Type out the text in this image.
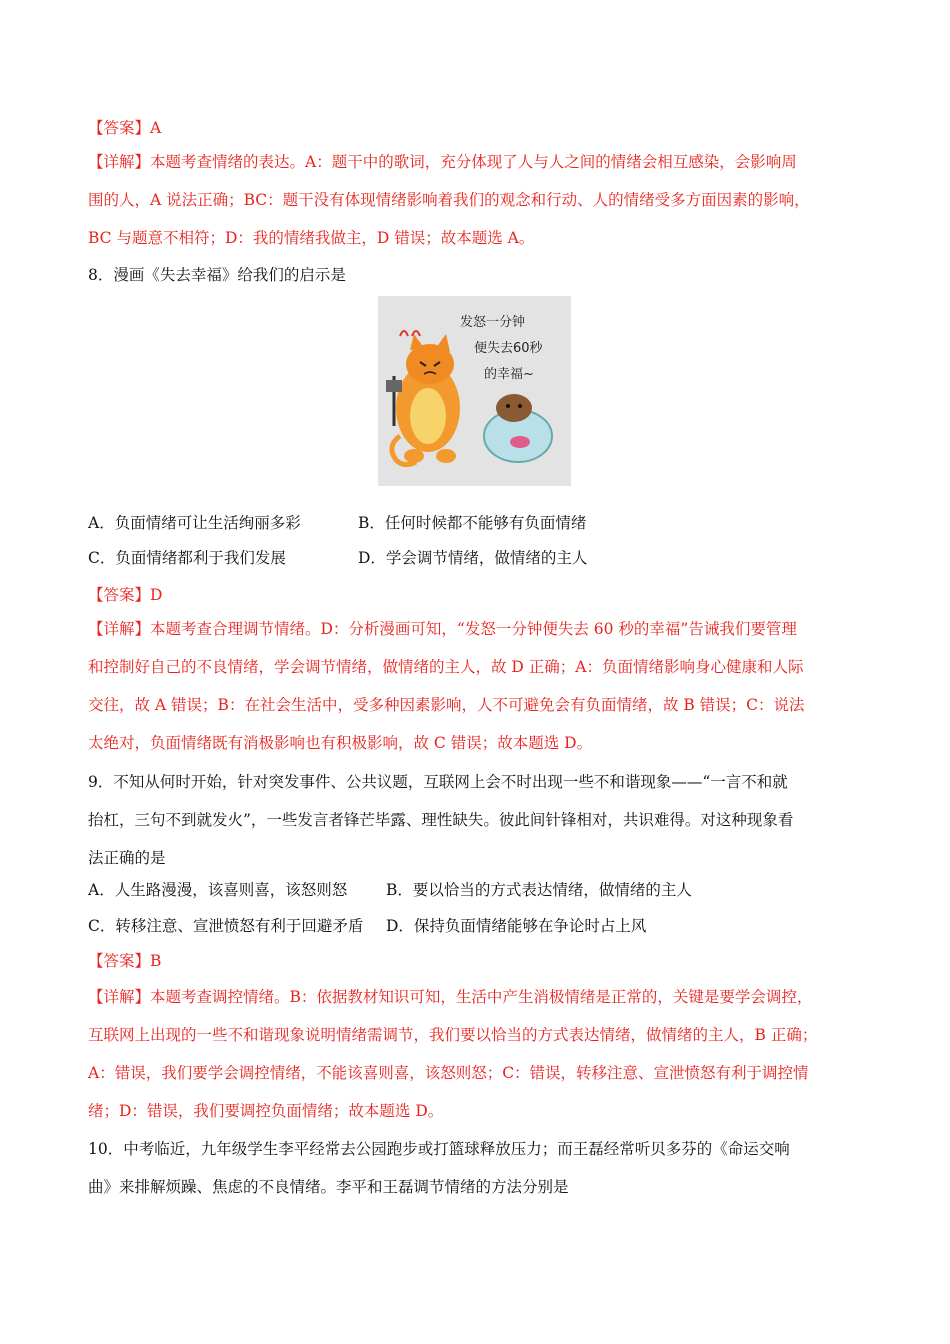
【答案】A

【详解】本题考查情绪的表达。A：题干中的歌词，充分体现了人与人之间的情绪会相互感染，会影响周

围的人，A 说法正确；BC：题干没有体现情绪影响着我们的观念和行动、人的情绪受多方面因素的影响，

BC 与题意不相符；D：我的情绪我做主，D 错误；故本题选 A。

8．漫画《失去幸福》给我们的启示是
发怒一分钟
便失去60秒
的幸福~
A．负面情绪可让生活绚丽多彩	B．任何时候都不能够有负面情绪
C．负面情绪都利于我们发展	D．学会调节情绪，做情绪的主人
【答案】D

【详解】本题考查合理调节情绪。D：分析漫画可知，“发怒一分钟便失去 60 秒的幸福”告诫我们要管理

和控制好自己的不良情绪，学会调节情绪，做情绪的主人，故 D 正确；A：负面情绪影响身心健康和人际

交往，故 A 错误；B：在社会生活中，受多种因素影响，人不可避免会有负面情绪，故 B 错误；C：说法

太绝对，负面情绪既有消极影响也有积极影响，故 C 错误；故本题选 D。

9．不知从何时开始，针对突发事件、公共议题，互联网上会不时出现一些不和谐现象——“一言不和就

抬杠，三句不到就发火”，一些发言者锋芒毕露、理性缺失。彼此间针锋相对，共识难得。对这种现象看

法正确的是

A．人生路漫漫，该喜则喜，该怒则怒	B．要以恰当的方式表达情绪，做情绪的主人
C．转移注意、宣泄愤怒有利于回避矛盾 D．保持负面情绪能够在争论时占上风
【答案】B

【详解】本题考查调控情绪。B：依据教材知识可知，生活中产生消极情绪是正常的，关键是要学会调控，

互联网上出现的一些不和谐现象说明情绪需调节，我们要以恰当的方式表达情绪，做情绪的主人，B 正确；

A：错误，我们要学会调控情绪，不能该喜则喜，该怒则怒；C：错误，转移注意、宣泄愤怒有利于调控情

绪；D：错误，我们要调控负面情绪；故本题选 D。

10．中考临近，九年级学生李平经常去公园跑步或打篮球释放压力；而王磊经常听贝多芬的《命运交响

曲》来排解烦躁、焦虑的不良情绪。李平和王磊调节情绪的方法分别是
